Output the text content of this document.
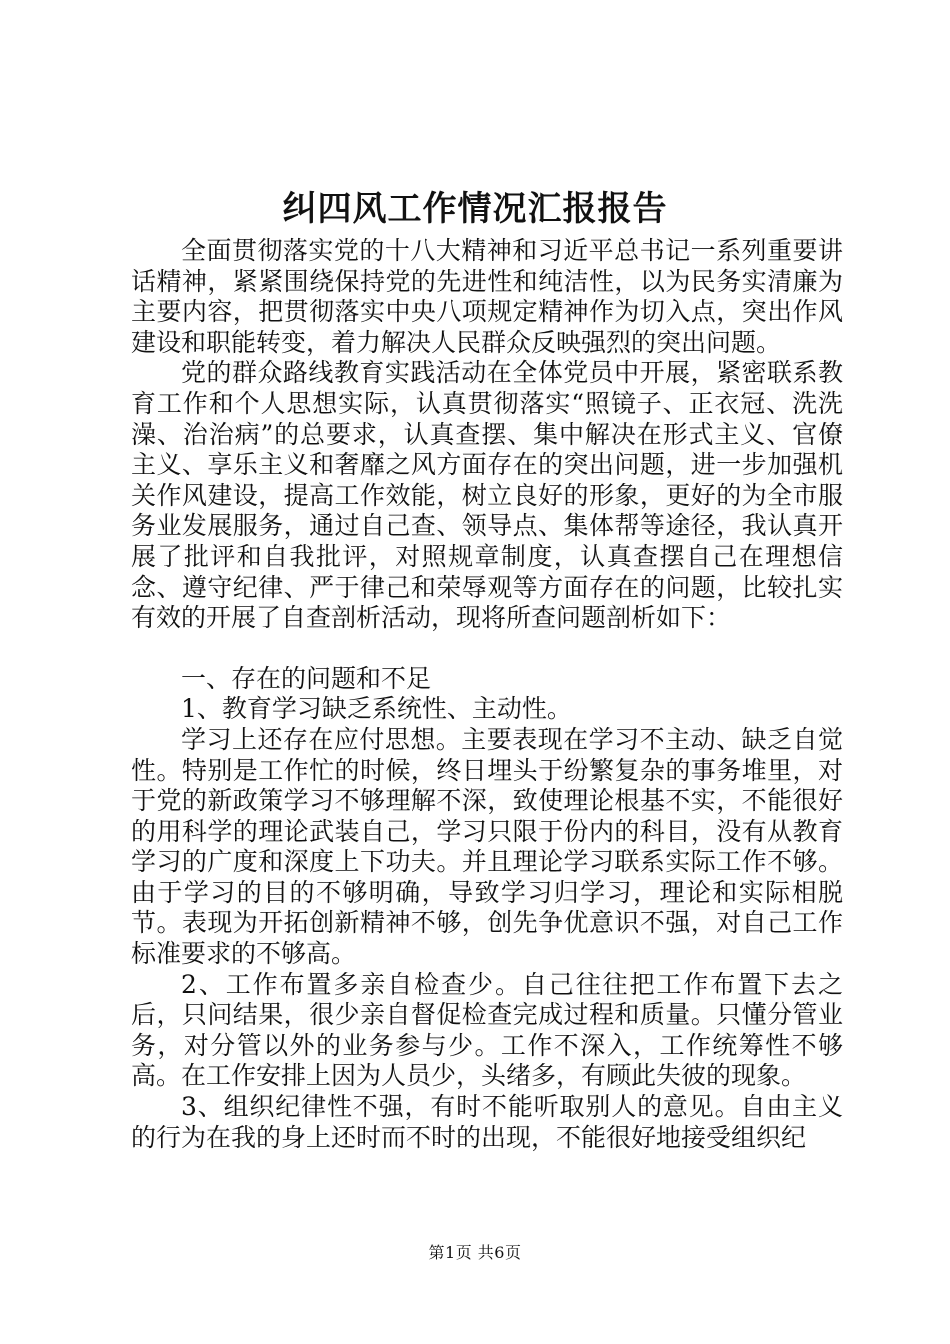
纠四风工作情况汇报报告

全面贯彻落实党的十八大精神和习近平总书记一系列重要讲话精神，紧紧围绕保持党的先进性和纯洁性，以为民务实清廉为主要内容，把贯彻落实中央八项规定精神作为切入点，突出作风建设和职能转变，着力解决人民群众反映强烈的突出问题。

党的群众路线教育实践活动在全体党员中开展，紧密联系教育工作和个人思想实际，认真贯彻落实“照镜子、正衣冠、洗洗澡、治治病”的总要求，认真查摆、集中解决在形式主义、官僚主义、享乐主义和奢靡之风方面存在的突出问题，进一步加强机关作风建设，提高工作效能，树立良好的形象，更好的为全市服务业发展服务，通过自己查、领导点、集体帮等途径，我认真开展了批评和自我批评，对照规章制度，认真查摆自己在理想信念、遵守纪律、严于律己和荣辱观等方面存在的问题，比较扎实有效的开展了自查剖析活动，现将所查问题剖析如下：

一、存在的问题和不足

1、教育学习缺乏系统性、主动性。

学习上还存在应付思想。主要表现在学习不主动、缺乏自觉性。特别是工作忙的时候，终日埋头于纷繁复杂的事务堆里，对于党的新政策学习不够理解不深，致使理论根基不实，不能很好的用科学的理论武装自己，学习只限于份内的科目，没有从教育学习的广度和深度上下功夫。并且理论学习联系实际工作不够。由于学习的目的不够明确，导致学习归学习，理论和实际相脱节。表现为开拓创新精神不够，创先争优意识不强，对自己工作标准要求的不够高。

2、工作布置多亲自检查少。自己往往把工作布置下去之后，只问结果，很少亲自督促检查完成过程和质量。只懂分管业务，对分管以外的业务参与少。工作不深入，工作统筹性不够高。在工作安排上因为人员少，头绪多，有顾此失彼的现象。

3、组织纪律性不强，有时不能听取别人的意见。自由主义的行为在我的身上还时而不时的出现，不能很好地接受组织纪

第1页 共6页
